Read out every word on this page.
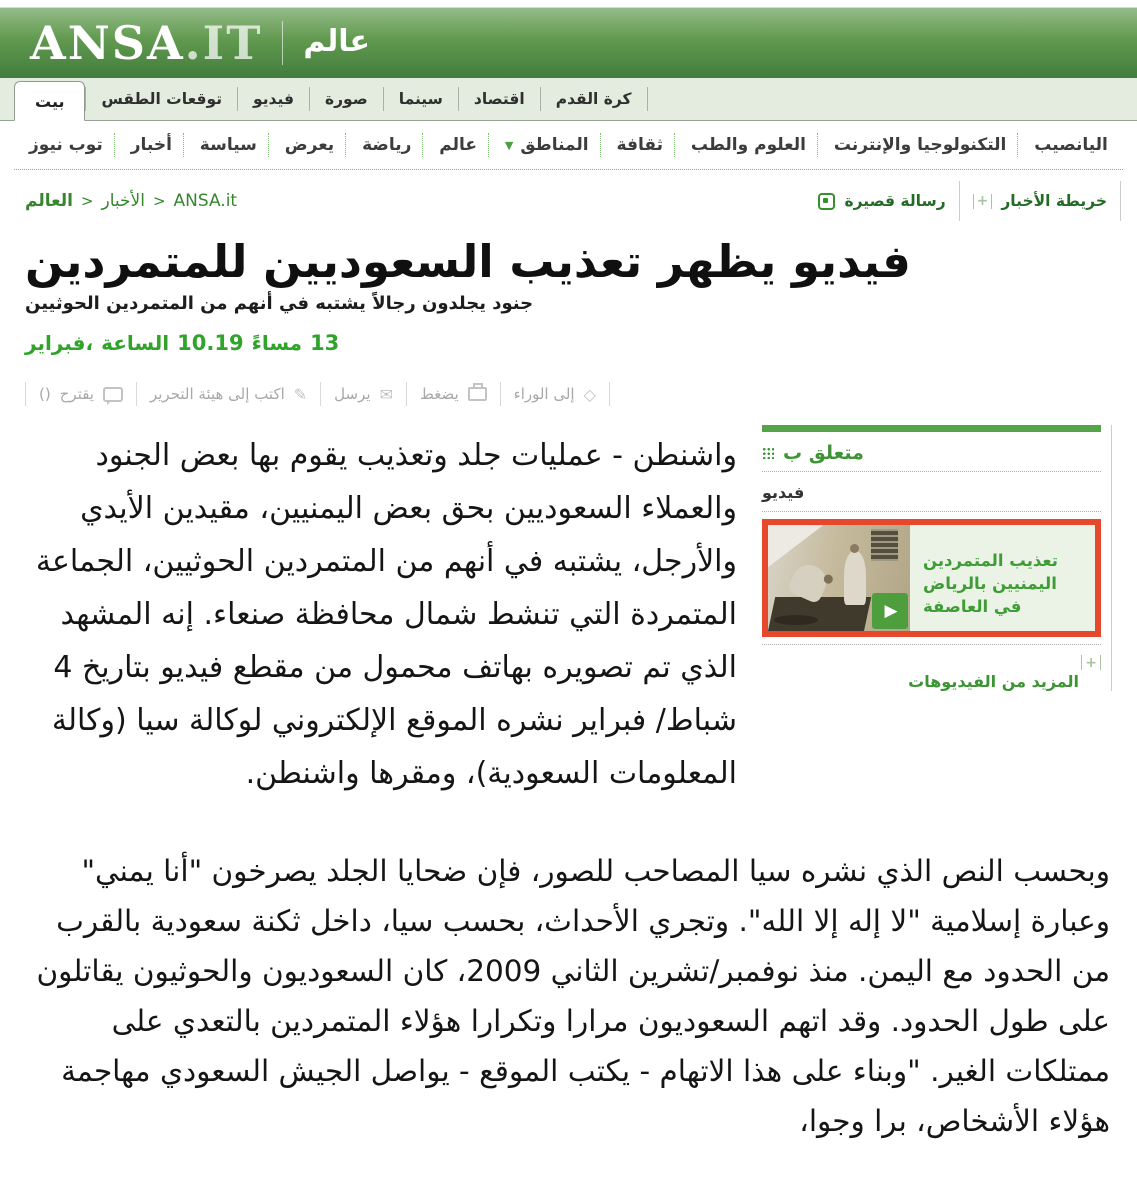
ANSA .IT عالم
بيت	توقعات الطقس	فيديو	صورة	سينما	اقتصاد	كرة القدم
توب نيوز	أخبار	سياسة	يعرض	رياضة	عالم	▼ المناطق	ثقافة	العلوم والطب	التكنولوجيا والإنترنت	اليانصيب
العالم > الأخبار > ANSA.it	رسالة قصيرة + خريطة الأخبار
فيديو يظهر تعذيب السعوديين للمتمردين
جنود يجلدون رجالاً يشتبه في أنهم من المتمردين الحوثيين
فبراير، الساعة 10.19 مساءً 13
() يقترح	اكتب إلى هيئة التحرير ✎ يرسل ✉ يضغط	إلى الوراء ◇

واشنطن - عمليات جلد وتعذيب يقوم بها بعض الجنود والعملاء السعوديين بحق بعض اليمنيين، مقيدين الأيدي والأرجل، يشتبه في أنهم من المتمردين الحوثيين، الجماعة المتمردة التي تنشط شمال محافظة صنعاء. إنه المشهد الذي تم تصويره بهاتف محمول من مقطع فيديو بتاريخ 4 شباط/ فبراير نشره الموقع الإلكتروني لوكالة سيا (وكالة المعلومات السعودية)، ومقرها واشنطن.

متعلق ب
فيديو
▶
تعذيب المتمردين اليمنيين بالرياض في العاصفة
+
المزيد من الفيديوهات

وبحسب النص الذي نشره سيا المصاحب للصور، فإن ضحايا الجلد يصرخون "أنا يمني" وعبارة إسلامية "لا إله إلا الله". وتجري الأحداث، بحسب سيا، داخل ثكنة سعودية بالقرب من الحدود مع اليمن. منذ نوفمبر/تشرين الثاني 2009، كان السعوديون والحوثيون يقاتلون على طول الحدود. وقد اتهم السعوديون مرارا وتكرارا هؤلاء المتمردين بالتعدي على ممتلكات الغير. "وبناء على هذا الاتهام - يكتب الموقع - يواصل الجيش السعودي مهاجمة هؤلاء الأشخاص، برا وجوا،
